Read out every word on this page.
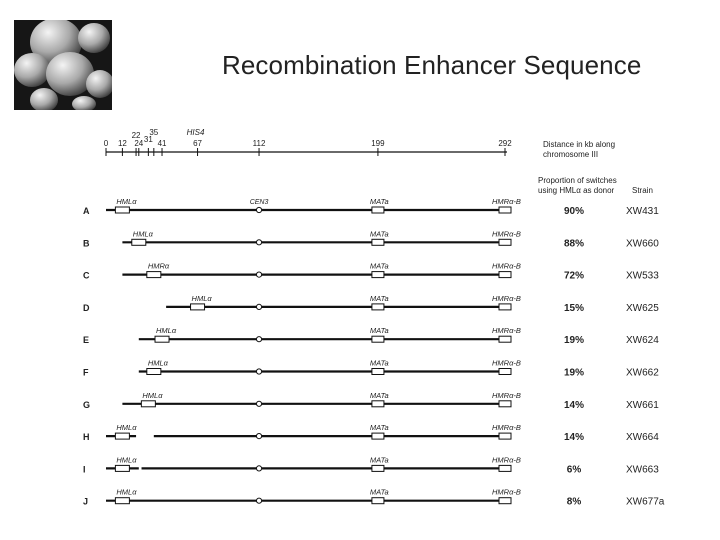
Recombination Enhancer Sequence
0 12
22
24 31
35
41	67	112	199	292
HIS4
Distance in kb along
chromosome III
Proportion of switches
using HMLα as donor Strain
A
HMLα	CEN3	MATa	HMRα-B
90%	XW431
B
HMLα	MATa	HMRα-B
88%	XW660
C
HMRα	MATa	HMRα-B
72%	XW533
D
HMLα	MATa	HMRα-B
15%	XW625
E
HMLα	MATa	HMRα-B
19%	XW624
F
HMLα	MATa	HMRα-B
19%	XW662
G
HMLα	MATa	HMRα-B
14%	XW661
H
HMLα	MATa	HMRα-B
14%	XW664
I
HMLα	MATa	HMRα-B
6%	XW663
J
HMLα	MATa	HMRα-B
8%	XW677a
